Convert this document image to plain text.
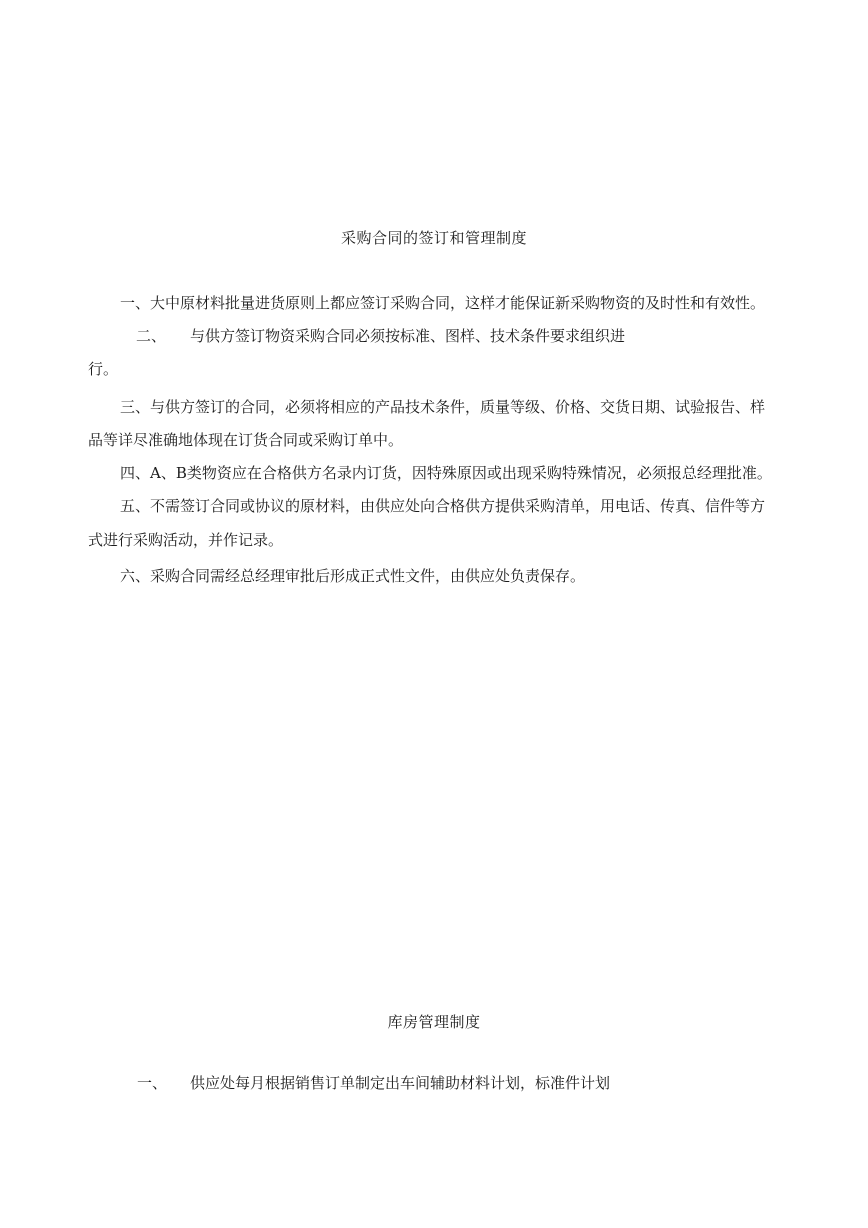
采购合同的签订和管理制度
一、大中原材料批量进货原则上都应签订采购合同，这样才能保证新采购物资的及时性和有效性。
二、 与供方签订物资采购合同必须按标准、图样、技术条件要求组织进
行。
三、与供方签订的合同，必须将相应的产品技术条件，质量等级、价格、交货日期、试验报告、样
品等详尽准确地体现在订货合同或采购订单中。
四、A、B类物资应在合格供方名录内订货，因特殊原因或出现采购特殊情况，必须报总经理批准。
五、不需签订合同或协议的原材料，由供应处向合格供方提供采购清单，用电话、传真、信件等方
式进行采购活动，并作记录。
六、采购合同需经总经理审批后形成正式性文件，由供应处负责保存。
库房管理制度
一、 供应处每月根据销售订单制定出车间辅助材料计划，标准件计划
